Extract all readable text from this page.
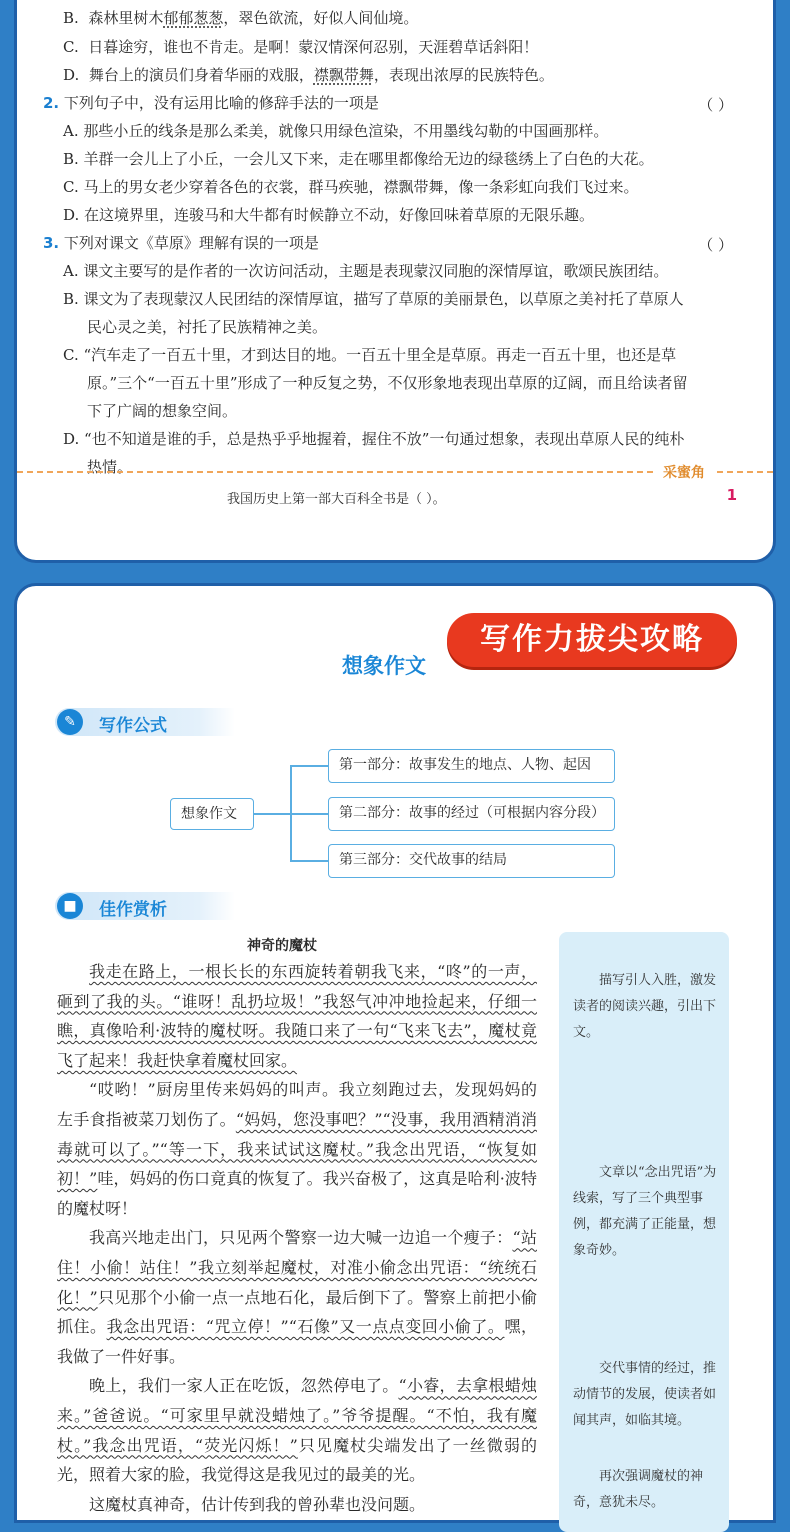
B. 森林里树木郁郁葱葱，翠色欲流，好似人间仙境。
C. 日暮途穷，谁也不肯走。是啊！蒙汉情深何忍别，天涯碧草话斜阳！
D. 舞台上的演员们身着华丽的戏服，襟飘带舞，表现出浓厚的民族特色。
2. 下列句子中，没有运用比喻的修辞手法的一项是	（ ）
A. 那些小丘的线条是那么柔美，就像只用绿色渲染，不用墨线勾勒的中国画那样。
B. 羊群一会儿上了小丘，一会儿又下来，走在哪里都像给无边的绿毯绣上了白色的大花。
C. 马上的男女老少穿着各色的衣裳，群马疾驰，襟飘带舞，像一条彩虹向我们飞过来。
D. 在这境界里，连骏马和大牛都有时候静立不动，好像回味着草原的无限乐趣。
3. 下列对课文《草原》理解有误的一项是	（ ）
A. 课文主要写的是作者的一次访问活动，主题是表现蒙汉同胞的深情厚谊，歌颂民族团结。
B. 课文为了表现蒙汉人民团结的深情厚谊，描写了草原的美丽景色，以草原之美衬托了草原人
民心灵之美，衬托了民族精神之美。
C. “汽车走了一百五十里，才到达目的地。一百五十里全是草原。再走一百五十里，也还是草
原。”三个“一百五十里”形成了一种反复之势，不仅形象地表现出草原的辽阔，而且给读者留
下了广阔的想象空间。
D. “也不知道是谁的手，总是热乎乎地握着，握住不放”一句通过想象，表现出草原人民的纯朴
热情。	采蜜角
我国历史上第一部大百科全书是（ ）。	1
想象作文
写作力拔尖攻略
✎	写作公式
想象作文
第一部分：故事发生的地点、人物、起因
第二部分：故事的经过（可根据内容分段）
第三部分：交代故事的结局
■	佳作赏析
神奇的魔杖

我走在路上，一根长长的东西旋转着朝我飞来，“咚”的一声，砸到了我的头。“谁呀！乱扔垃圾！”我怒气冲冲地捡起来，仔细一瞧，真像哈利·波特的魔杖呀。我随口来了一句“飞来飞去”，魔杖竟飞了起来！我赶快拿着魔杖回家。

“哎哟！”厨房里传来妈妈的叫声。我立刻跑过去，发现妈妈的左手食指被菜刀划伤了。“妈妈，您没事吧？”“没事，我用酒精消消毒就可以了。”“等一下，我来试试这魔杖。”我念出咒语，“恢复如初！”哇，妈妈的伤口竟真的恢复了。我兴奋极了，这真是哈利·波特的魔杖呀！

我高兴地走出门，只见两个警察一边大喊一边追一个瘦子：“站住！小偷！站住！”我立刻举起魔杖，对准小偷念出咒语：“统统石化！”只见那个小偷一点一点地石化，最后倒下了。警察上前把小偷抓住。我念出咒语：“咒立停！”“石像”又一点点变回小偷了。嘿，我做了一件好事。

晚上，我们一家人正在吃饭，忽然停电了。“小睿，去拿根蜡烛来。”爸爸说。“可家里早就没蜡烛了。”爷爷提醒。“不怕，我有魔杖。”我念出咒语，“荧光闪烁！”只见魔杖尖端发出了一丝微弱的光，照着大家的脸，我觉得这是我见过的最美的光。

这魔杖真神奇，估计传到我的曾孙辈也没问题。

描写引人入胜，激发读者的阅读兴趣，引出下文。
文章以“念出咒语”为线索，写了三个典型事例，都充满了正能量，想象奇妙。
交代事情的经过，推动情节的发展，使读者如闻其声，如临其境。
再次强调魔杖的神奇，意犹未尽。
